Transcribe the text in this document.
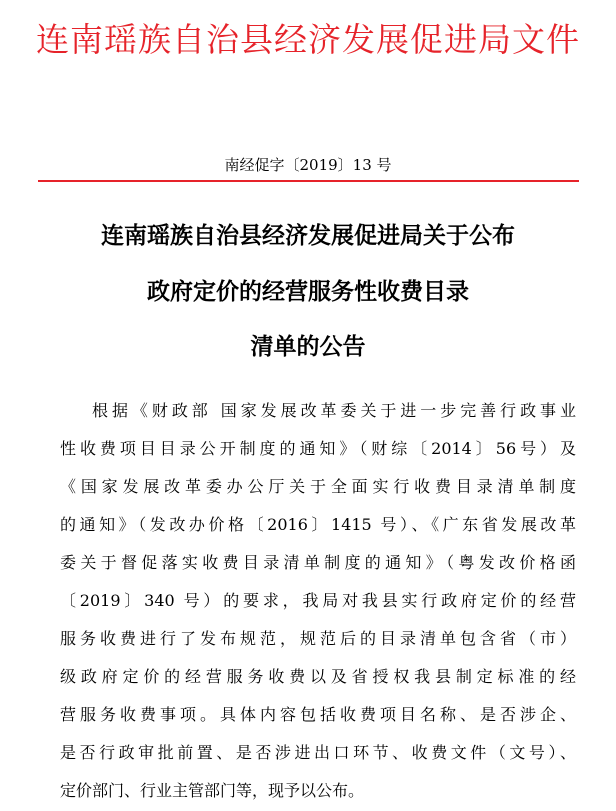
连南瑶族自治县经济发展促进局文件
南经促字〔2019〕13 号
连南瑶族自治县经济发展促进局关于公布
政府定价的经营服务性收费目录
清单的公告
根据《财政部 国家发展改革委关于进一步完善行政事业
性收费项目目录公开制度的通知》（财综〔2014〕56号）及
《国家发展改革委办公厅关于全面实行收费目录清单制度
的通知》（发改办价格〔2016〕1415 号）、《广东省发展改革
委关于督促落实收费目录清单制度的通知》（粤发改价格函
〔2019〕340 号）的要求，我局对我县实行政府定价的经营
服务收费进行了发布规范，规范后的目录清单包含省（市）
级政府定价的经营服务收费以及省授权我县制定标准的经
营服务收费事项。具体内容包括收费项目名称、是否涉企、
是否行政审批前置、是否涉进出口环节、收费文件（文号）、
定价部门、行业主管部门等，现予以公布。
